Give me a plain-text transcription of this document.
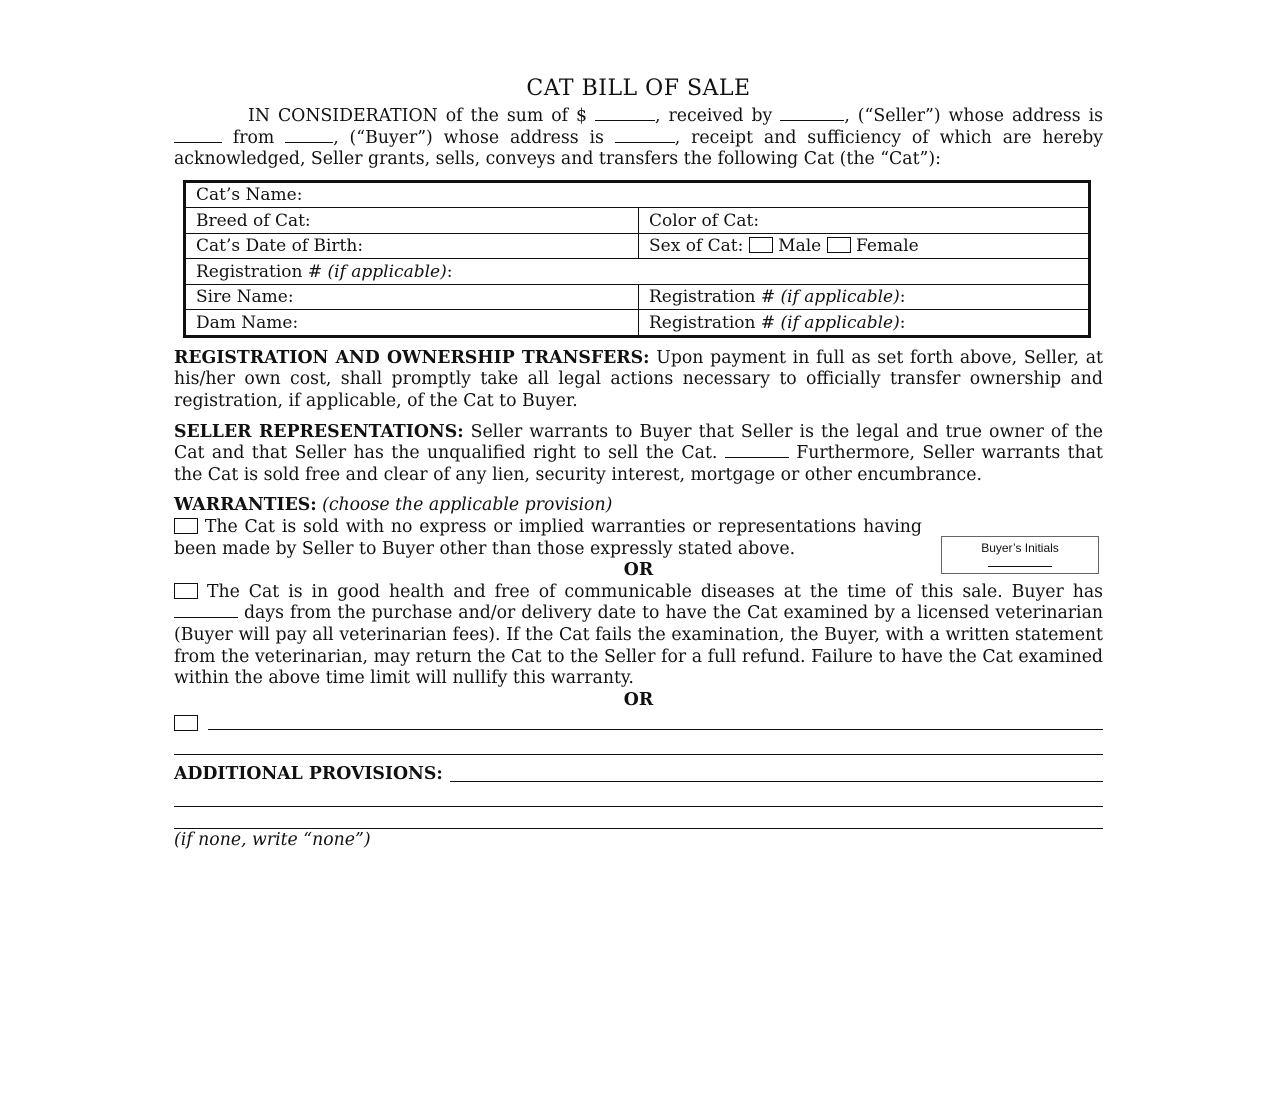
CAT BILL OF SALE
IN CONSIDERATION of the sum of $	, received by	, (“Seller”) whose address is  from	, (“Buyer”) whose address is	, receipt and sufficiency of which are hereby acknowledged, Seller grants, sells, conveys and transfers the following Cat (the “Cat”):
Cat’s Name:	
Breed of Cat:	Color of Cat:
Cat’s Date of Birth:	Sex of Cat: Male Female
Registration # (if applicable):	
Sire Name:	Registration # (if applicable):
Dam Name:	Registration # (if applicable):
REGISTRATION AND OWNERSHIP TRANSFERS: Upon payment in full as set forth above, Seller, at his/her own cost, shall promptly take all legal actions necessary to officially transfer ownership and registration, if applicable, of the Cat to Buyer.
SELLER REPRESENTATIONS: Seller warrants to Buyer that Seller is the legal and true owner of the Cat and that Seller has the unqualified right to sell the Cat.	Furthermore, Seller warrants that the Cat is sold free and clear of any lien, security interest, mortgage or other encumbrance.
WARRANTIES: (choose the applicable provision)
The Cat is sold with no express or implied warranties or representations having been made by Seller to Buyer other than those expressly stated above.	Buyer’s Initials
OR
The Cat is in good health and free of communicable diseases at the time of this sale. Buyer has  days from the purchase and/or delivery date to have the Cat examined by a licensed veterinarian (Buyer will pay all veterinarian fees). If the Cat fails the examination, the Buyer, with a written statement from the veterinarian, may return the Cat to the Seller for a full refund. Failure to have the Cat examined within the above time limit will nullify this warranty.
OR
ADDITIONAL PROVISIONS:
(if none, write “none”)
